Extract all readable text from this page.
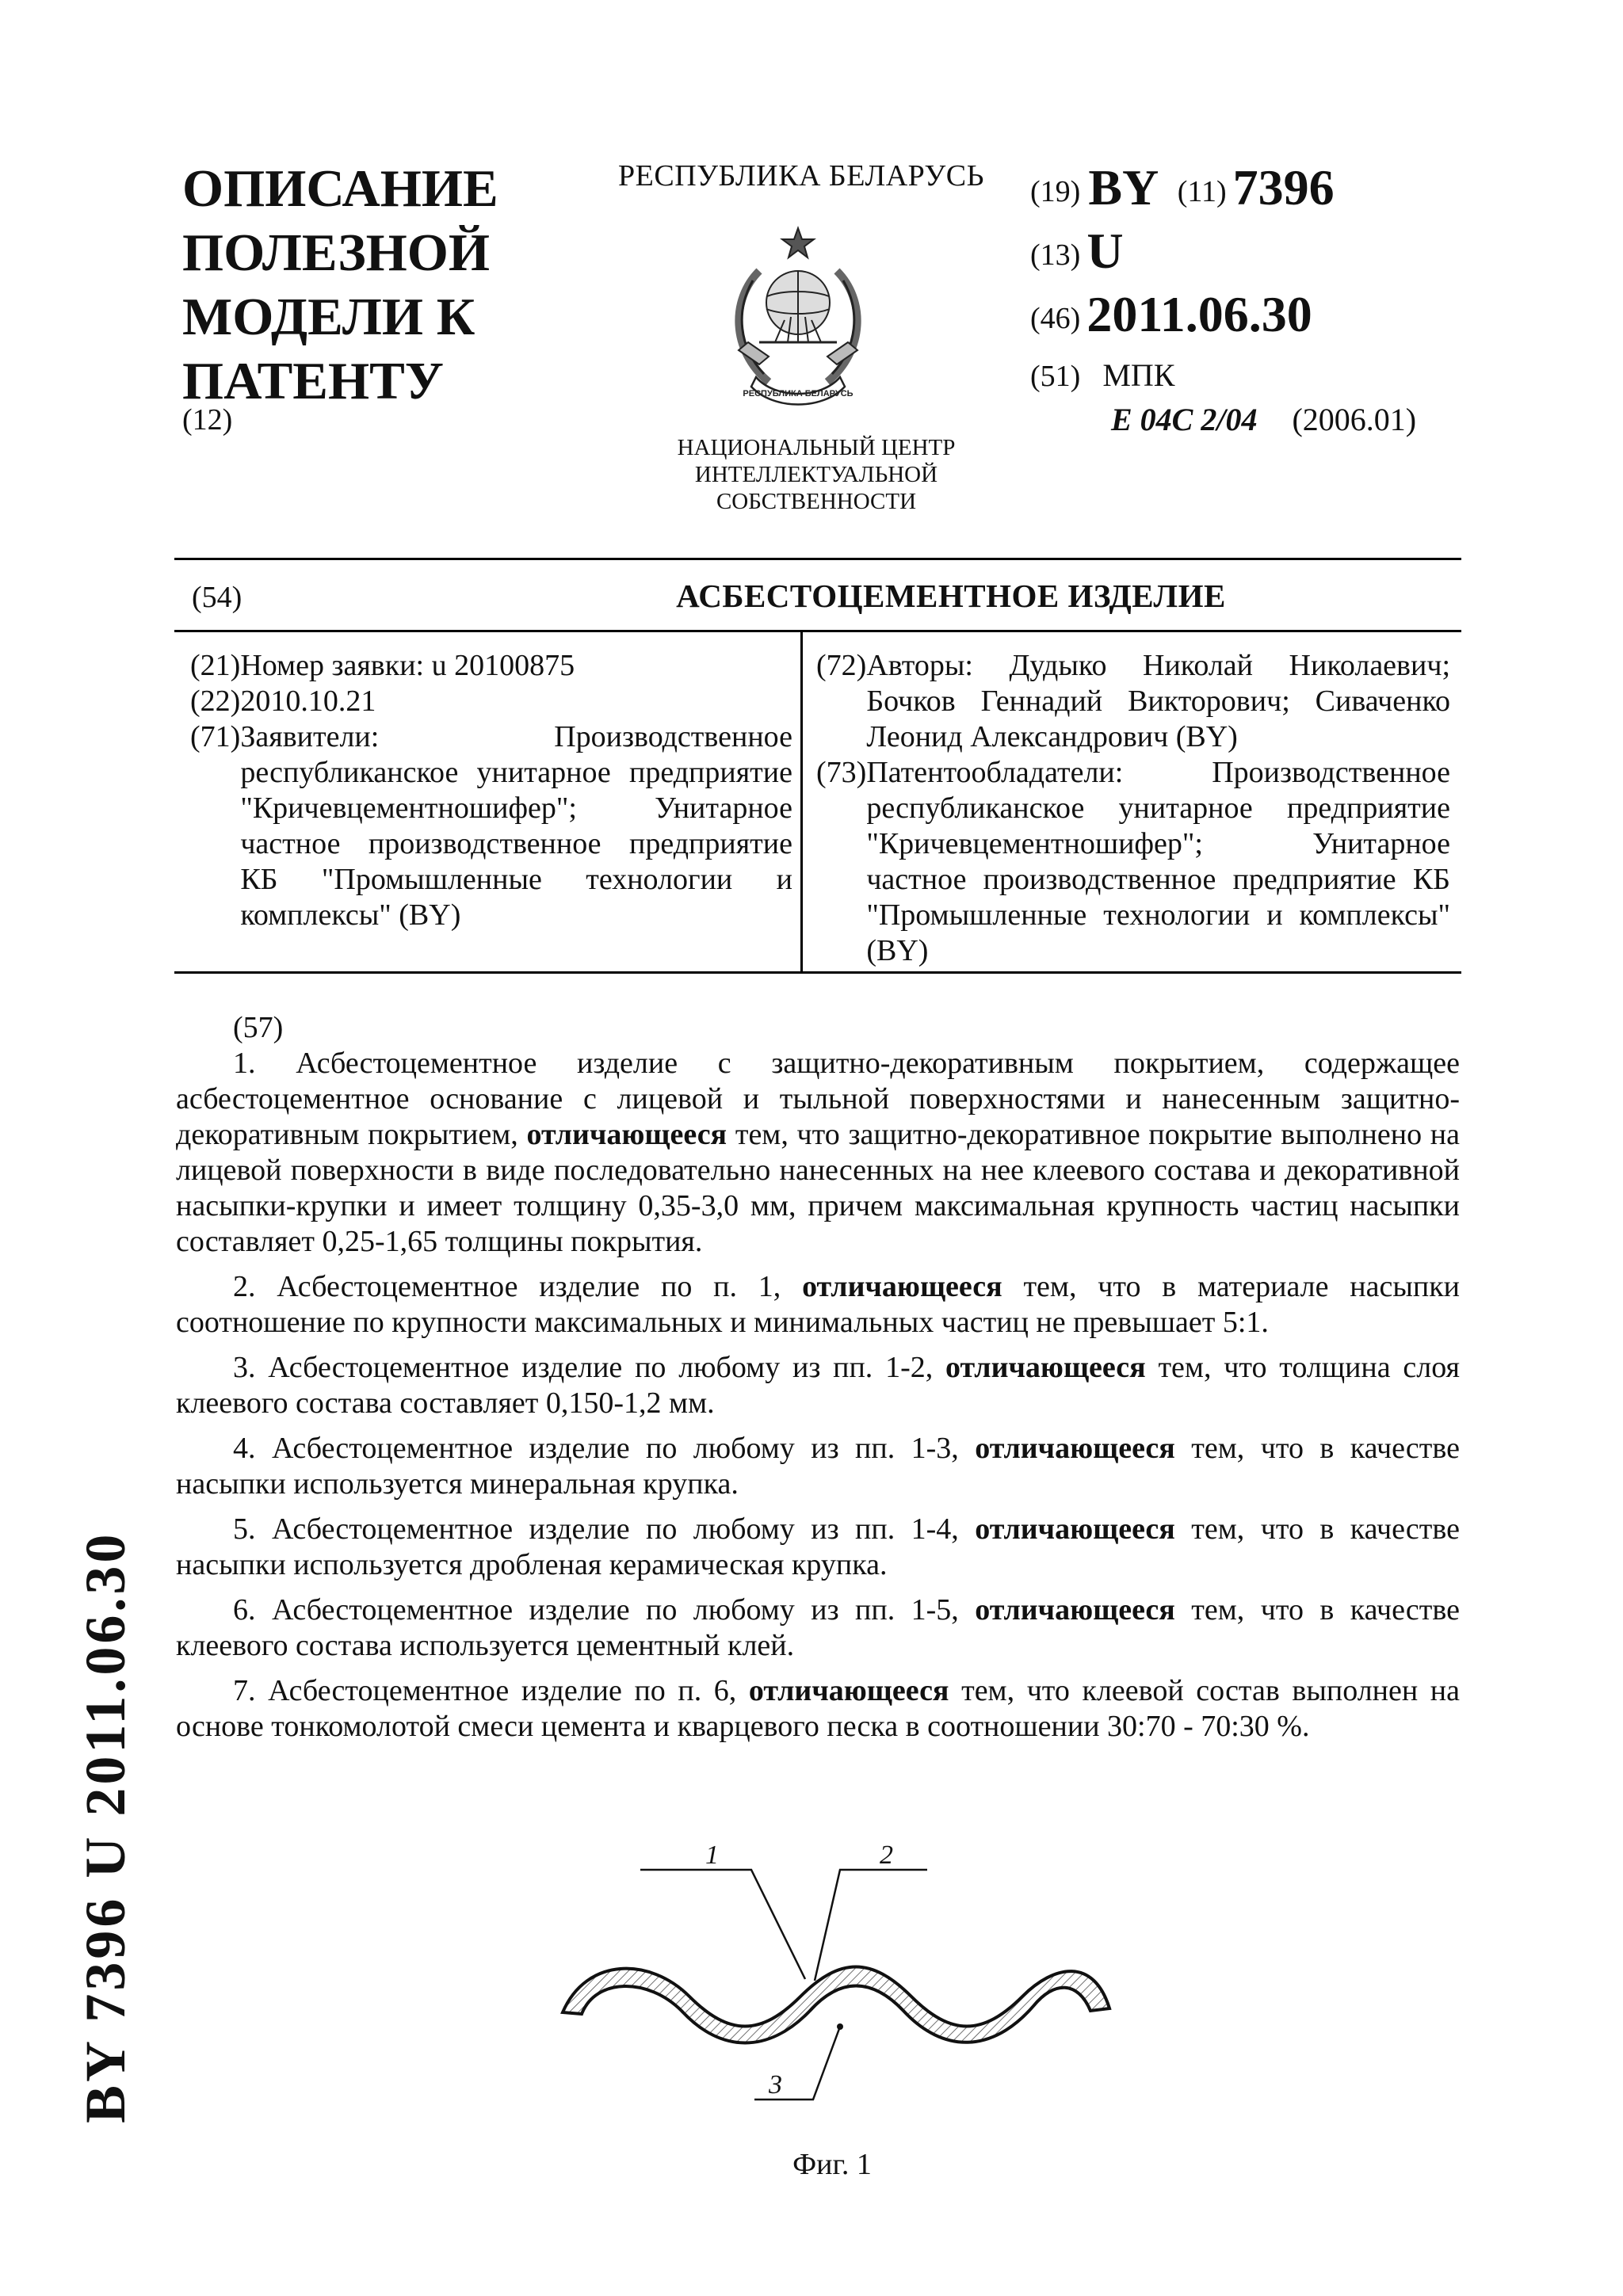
ОПИСАНИЕ
ПОЛЕЗНОЙ
МОДЕЛИ К
ПАТЕНТУ
(12)
РЕСПУБЛИКА БЕЛАРУСЬ
РЕСПУБЛИКА БЕЛАРУСЬ
НАЦИОНАЛЬНЫЙ ЦЕНТР
ИНТЕЛЛЕКТУАЛЬНОЙ
СОБСТВЕННОСТИ
(19) BY (11) 7396
(13) U
(46) 2011.06.30
(51) МПК
E 04C 2/04 (2006.01)
(54)	АСБЕСТОЦЕМЕНТНОЕ ИЗДЕЛИЕ
(21) Номер заявки: u 20100875
(22) 2010.10.21
(71) Заявители: Производственное республиканское унитарное предприятие "Кричевцементношифер"; Унитарное частное производственное предприятие КБ "Промышленные технологии и комплексы" (BY)
(72) Авторы: Дудыко Николай Николаевич; Бочков Геннадий Викторович; Сиваченко Леонид Александрович (BY)
(73) Патентообладатели: Производственное республиканское унитарное предприятие "Кричевцементношифер"; Унитарное частное производственное предприятие КБ "Промышленные технологии и комплексы" (BY)
(57)

1. Асбестоцементное изделие с защитно-декоративным покрытием, содержащее асбестоцементное основание с лицевой и тыльной поверхностями и нанесенным защитно-декоративным покрытием, отличающееся тем, что защитно-декоративное покрытие выполнено на лицевой поверхности в виде последовательно нанесенных на нее клеевого состава и декоративной насыпки-крупки и имеет толщину 0,35-3,0 мм, причем максимальная крупность частиц насыпки составляет 0,25-1,65 толщины покрытия.

2. Асбестоцементное изделие по п. 1, отличающееся тем, что в материале насыпки соотношение по крупности максимальных и минимальных частиц не превышает 5:1.

3. Асбестоцементное изделие по любому из пп. 1-2, отличающееся тем, что толщина слоя клеевого состава составляет 0,150-1,2 мм.

4. Асбестоцементное изделие по любому из пп. 1-3, отличающееся тем, что в качестве насыпки используется минеральная крупка.

5. Асбестоцементное изделие по любому из пп. 1-4, отличающееся тем, что в качестве насыпки используется дробленая керамическая крупка.

6. Асбестоцементное изделие по любому из пп. 1-5, отличающееся тем, что в качестве клеевого состава используется цементный клей.

7. Асбестоцементное изделие по п. 6, отличающееся тем, что клеевой состав выполнен на основе тонкомолотой смеси цемента и кварцевого песка в соотношении 30:70 - 70:30 %.

1	2
3
Фиг. 1
BY 7396 U 2011.06.30
